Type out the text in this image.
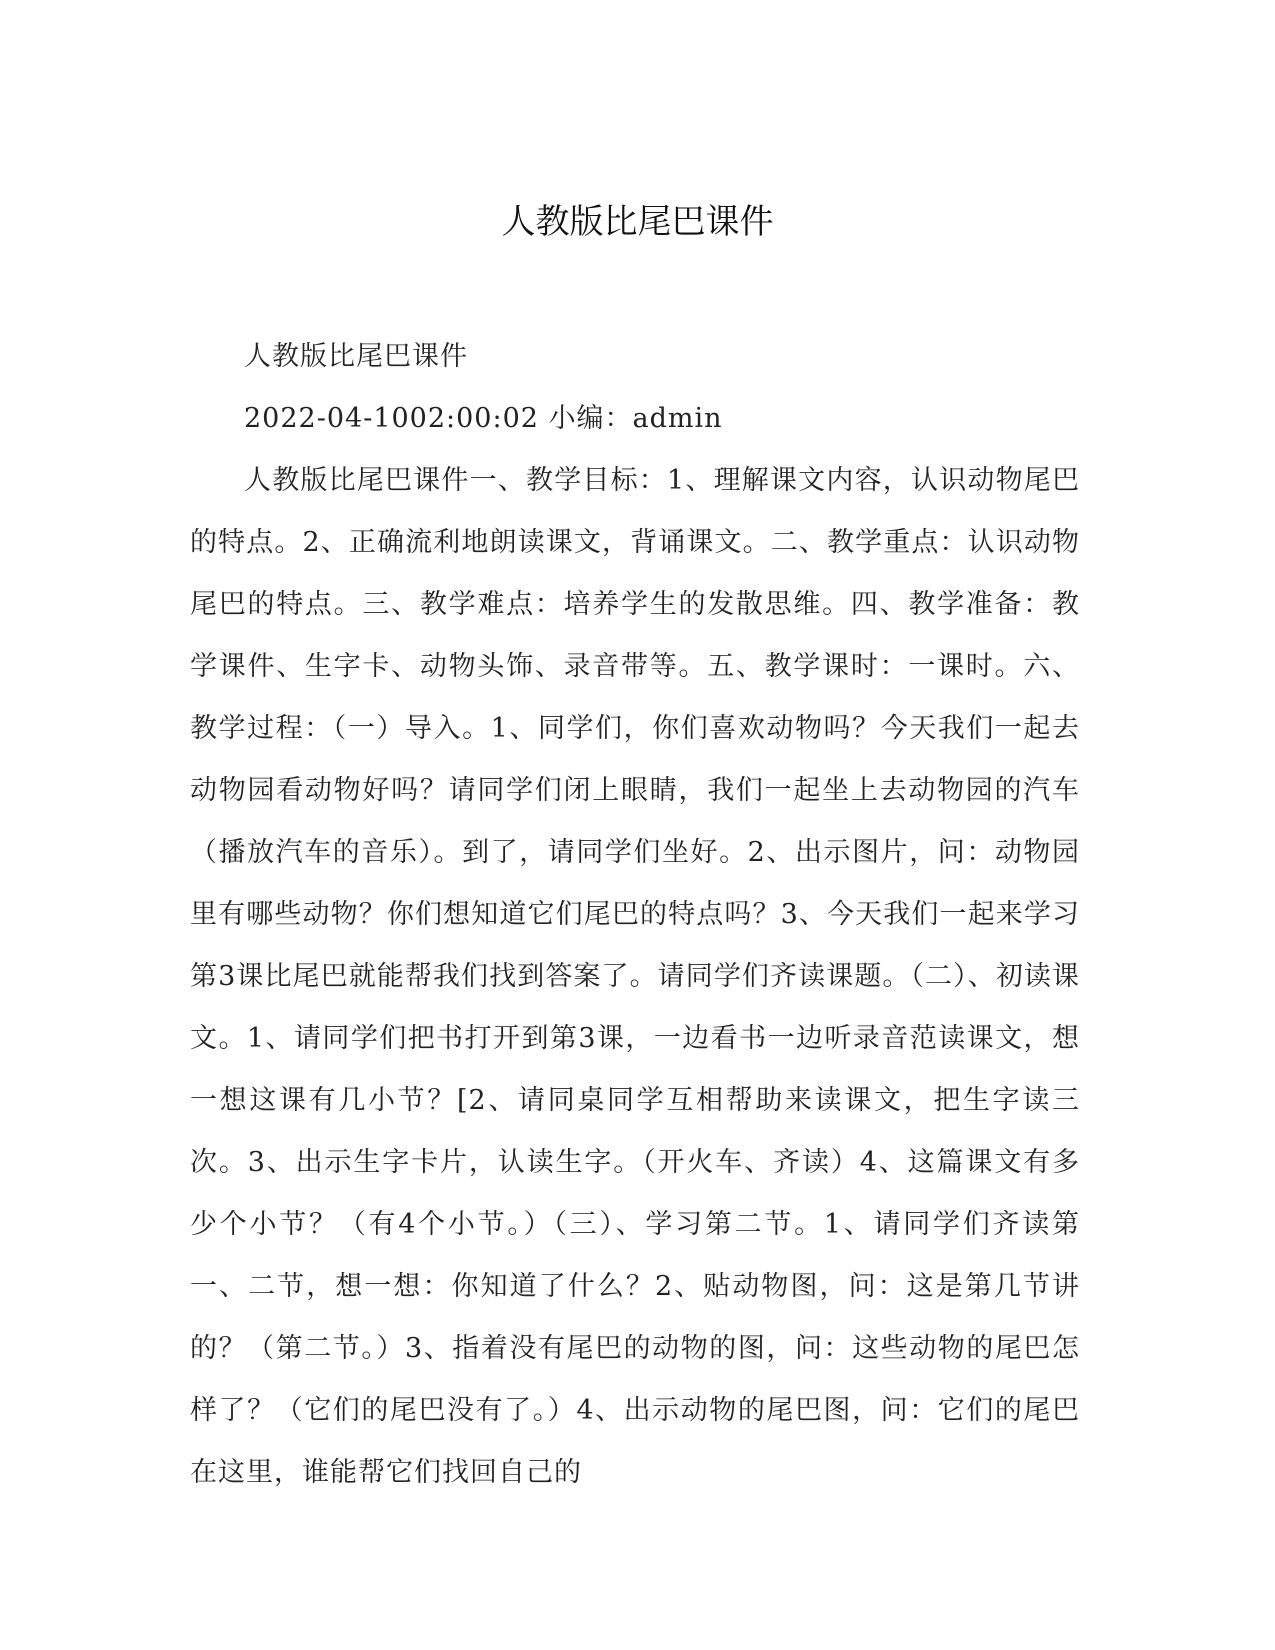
人教版比尾巴课件

人教版比尾巴课件

2022-04-1002:00:02 小编：admin

人教版比尾巴课件一、教学目标：1、理解课文内容，认识动物尾巴的特点。2、正确流利地朗读课文，背诵课文。二、教学重点：认识动物尾巴的特点。三、教学难点：培养学生的发散思维。四、教学准备：教学课件、生字卡、动物头饰、录音带等。五、教学课时：一课时。六、教学过程：（一）导入。1、同学们，你们喜欢动物吗？今天我们一起去动物园看动物好吗？请同学们闭上眼睛，我们一起坐上去动物园的汽车（播放汽车的音乐）。到了，请同学们坐好。2、出示图片，问：动物园里有哪些动物？你们想知道它们尾巴的特点吗？3、今天我们一起来学习第3课比尾巴就能帮我们找到答案了。请同学们齐读课题。（二）、初读课文。1、请同学们把书打开到第3课，一边看书一边听录音范读课文，想一想这课有几小节？[2、请同桌同学互相帮助来读课文，把生字读三次。3、出示生字卡片，认读生字。（开火车、齐读）4、这篇课文有多少个小节？（有4个小节。）（三）、学习第二节。1、请同学们齐读第一、二节，想一想：你知道了什么？2、贴动物图，问：这是第几节讲的？（第二节。）3、指着没有尾巴的动物的图，问：这些动物的尾巴怎样了？（它们的尾巴没有了。）4、出示动物的尾巴图，问：它们的尾巴在这里，谁能帮它们找回自己的
